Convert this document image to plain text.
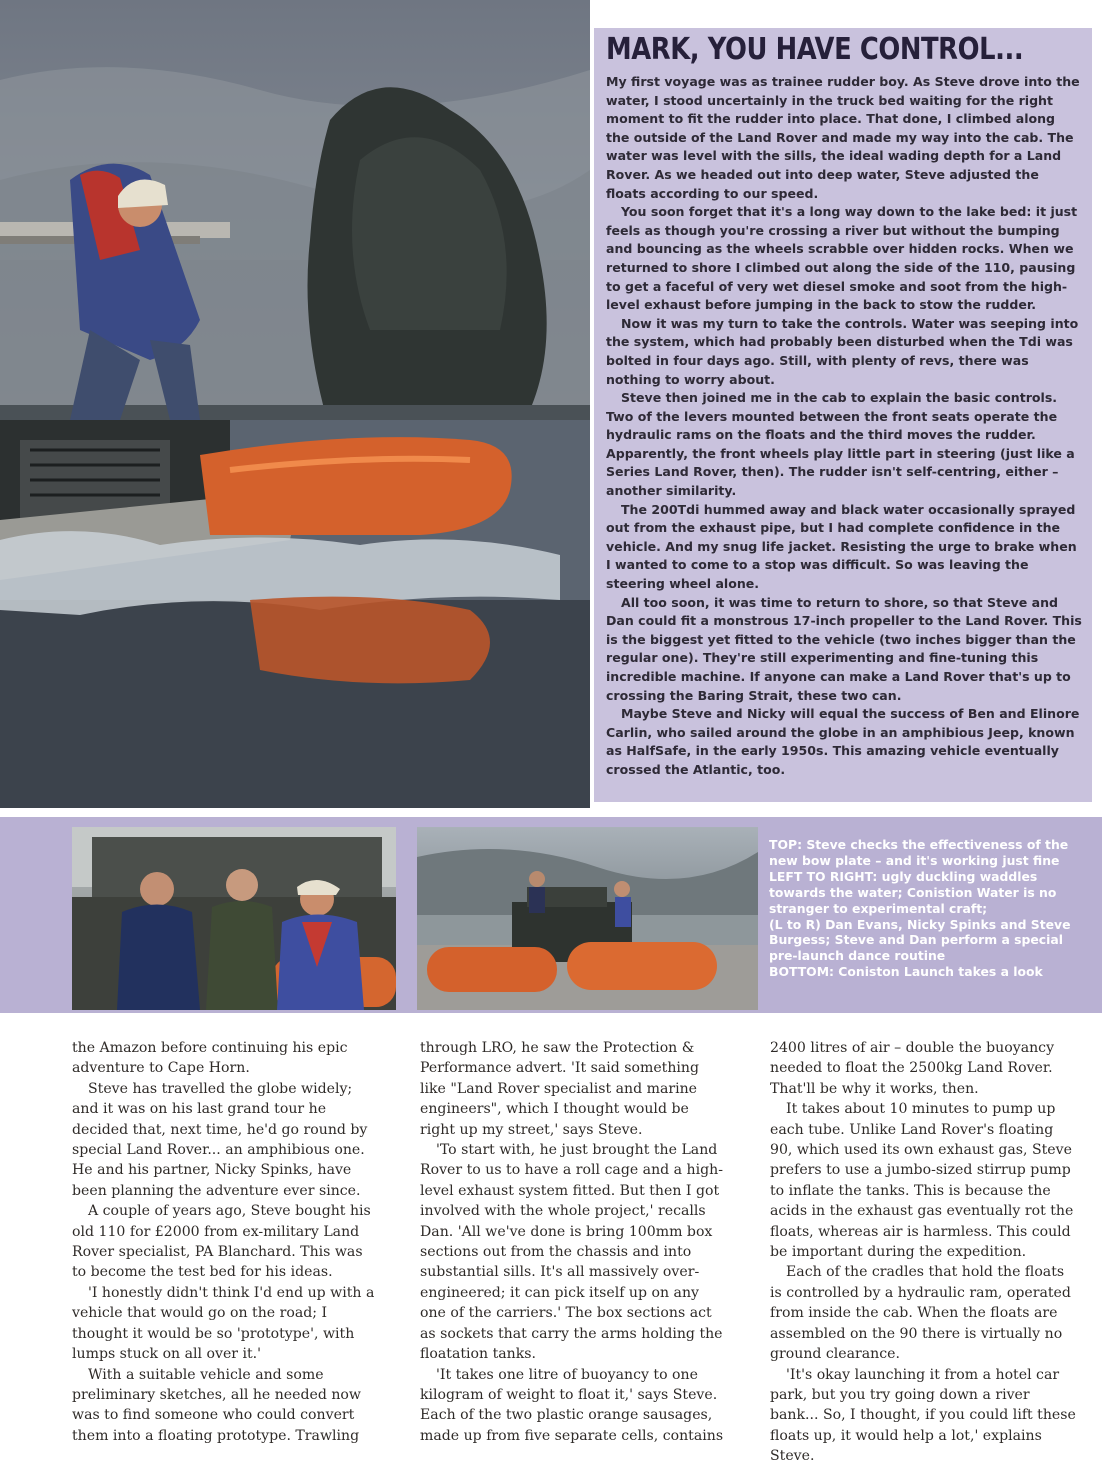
MARK, YOU HAVE CONTROL...

My first voyage was as trainee rudder boy. As Steve drove into the water, I stood uncertainly in the truck bed waiting for the right moment to fit the rudder into place. That done, I climbed along the outside of the Land Rover and made my way into the cab. The water was level with the sills, the ideal wading depth for a Land Rover. As we headed out into deep water, Steve adjusted the floats according to our speed.

You soon forget that it's a long way down to the lake bed: it just feels as though you're crossing a river but without the bumping and bouncing as the wheels scrabble over hidden rocks. When we returned to shore I climbed out along the side of the 110, pausing to get a faceful of very wet diesel smoke and soot from the high-level exhaust before jumping in the back to stow the rudder.

Now it was my turn to take the controls. Water was seeping into the system, which had probably been disturbed when the Tdi was bolted in four days ago. Still, with plenty of revs, there was nothing to worry about.

Steve then joined me in the cab to explain the basic controls. Two of the levers mounted between the front seats operate the hydraulic rams on the floats and the third moves the rudder. Apparently, the front wheels play little part in steering (just like a Series Land Rover, then). The rudder isn't self-centring, either – another similarity.

The 200Tdi hummed away and black water occasionally sprayed out from the exhaust pipe, but I had complete confidence in the vehicle. And my snug life jacket. Resisting the urge to brake when I wanted to come to a stop was difficult. So was leaving the steering wheel alone.

All too soon, it was time to return to shore, so that Steve and Dan could fit a monstrous 17-inch propeller to the Land Rover. This is the biggest yet fitted to the vehicle (two inches bigger than the regular one). They're still experimenting and fine-tuning this incredible machine. If anyone can make a Land Rover that's up to crossing the Baring Strait, these two can.

Maybe Steve and Nicky will equal the success of Ben and Elinore Carlin, who sailed around the globe in an amphibious Jeep, known as HalfSafe, in the early 1950s. This amazing vehicle eventually crossed the Atlantic, too.

TOP: Steve checks the effectiveness of the new bow plate – and it's working just fine
LEFT TO RIGHT: ugly duckling waddles towards the water; Conistion Water is no stranger to experimental craft;
(L to R) Dan Evans, Nicky Spinks and Steve Burgess; Steve and Dan perform a special pre-launch dance routine
BOTTOM: Coniston Launch takes a look

the Amazon before continuing his epic adventure to Cape Horn.

Steve has travelled the globe widely; and it was on his last grand tour he decided that, next time, he'd go round by special Land Rover... an amphibious one. He and his partner, Nicky Spinks, have been planning the adventure ever since.

A couple of years ago, Steve bought his old 110 for £2000 from ex-military Land Rover specialist, PA Blanchard. This was to become the test bed for his ideas.

'I honestly didn't think I'd end up with a vehicle that would go on the road; I thought it would be so 'prototype', with lumps stuck on all over it.'

With a suitable vehicle and some preliminary sketches, all he needed now was to find someone who could convert them into a floating prototype. Trawling

through LRO, he saw the Protection & Performance advert. 'It said something like "Land Rover specialist and marine engineers", which I thought would be right up my street,' says Steve.

'To start with, he just brought the Land Rover to us to have a roll cage and a high-level exhaust system fitted. But then I got involved with the whole project,' recalls Dan. 'All we've done is bring 100mm box sections out from the chassis and into substantial sills. It's all massively over-engineered; it can pick itself up on any one of the carriers.' The box sections act as sockets that carry the arms holding the floatation tanks.

'It takes one litre of buoyancy to one kilogram of weight to float it,' says Steve. Each of the two plastic orange sausages, made up from five separate cells, contains

2400 litres of air – double the buoyancy needed to float the 2500kg Land Rover. That'll be why it works, then.

It takes about 10 minutes to pump up each tube. Unlike Land Rover's floating 90, which used its own exhaust gas, Steve prefers to use a jumbo-sized stirrup pump to inflate the tanks. This is because the acids in the exhaust gas eventually rot the floats, whereas air is harmless. This could be important during the expedition.

Each of the cradles that hold the floats is controlled by a hydraulic ram, operated from inside the cab. When the floats are assembled on the 90 there is virtually no ground clearance.

'It's okay launching it from a hotel car park, but you try going down a river bank... So, I thought, if you could lift these floats up, it would help a lot,' explains Steve.
